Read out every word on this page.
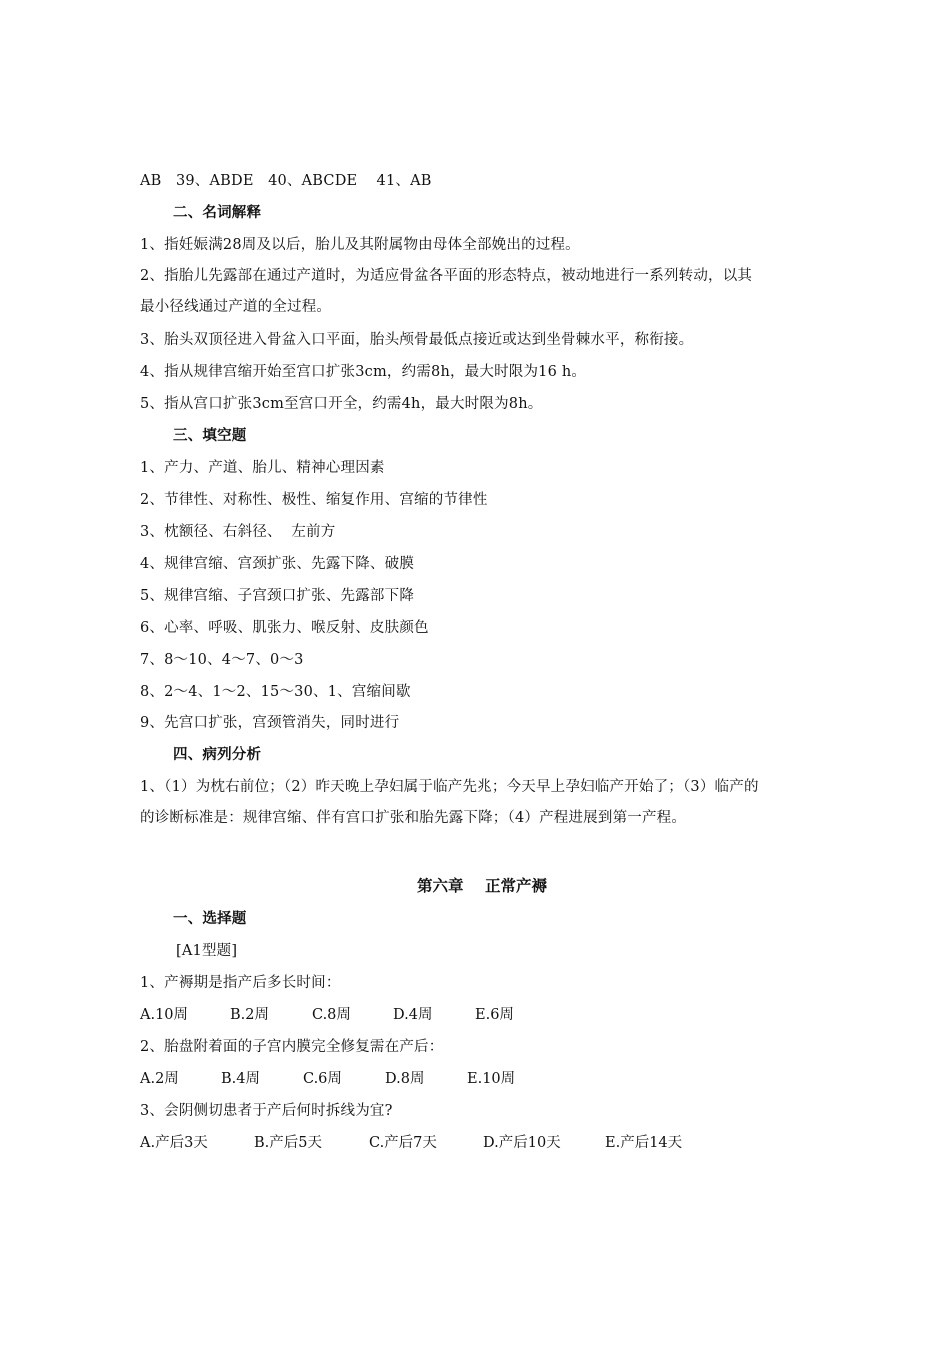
AB   39、ABDE   40、ABCDE    41、AB
二、名词解释
1、指妊娠满28周及以后，胎儿及其附属物由母体全部娩出的过程。
2、指胎儿先露部在通过产道时，为适应骨盆各平面的形态特点，被动地进行一系列转动，以其
最小径线通过产道的全过程。
3、胎头双顶径进入骨盆入口平面，胎头颅骨最低点接近或达到坐骨棘水平，称衔接。
4、指从规律宫缩开始至宫口扩张3cm，约需8h，最大时限为16 h。
5、指从宫口扩张3cm至宫口开全，约需4h，最大时限为8h。
三、填空题
1、产力、产道、胎儿、精神心理因素
2、节律性、对称性、极性、缩复作用、宫缩的节律性
3、枕额径、右斜径、  左前方
4、规律宫缩、宫颈扩张、先露下降、破膜
5、规律宫缩、子宫颈口扩张、先露部下降
6、心率、呼吸、肌张力、喉反射、皮肤颜色
7、8～10、4～7、0～3
8、2～4、1～2、15～30、1、宫缩间歇
9、先宫口扩张，宫颈管消失，同时进行
四、病列分析
1、（1）为枕右前位；（2）昨天晚上孕妇属于临产先兆；今天早上孕妇临产开始了；（3）临产的
的诊断标准是：规律宫缩、伴有宫口扩张和胎先露下降；（4）产程进展到第一产程。
第六章    正常产褥
一、选择题
[A1型题]
1、产褥期是指产后多长时间：

A.10周

	B.2周

	C.8周

	D.4周

	E.6周

2、胎盘附着面的子宫内膜完全修复需在产后：

A.2周

	B.4周

	C.6周

	D.8周

	E.10周

3、会阴侧切患者于产后何时拆线为宜?

A.产后3天

	B.产后5天

	C.产后7天

	D.产后10天

	E.产后14天
